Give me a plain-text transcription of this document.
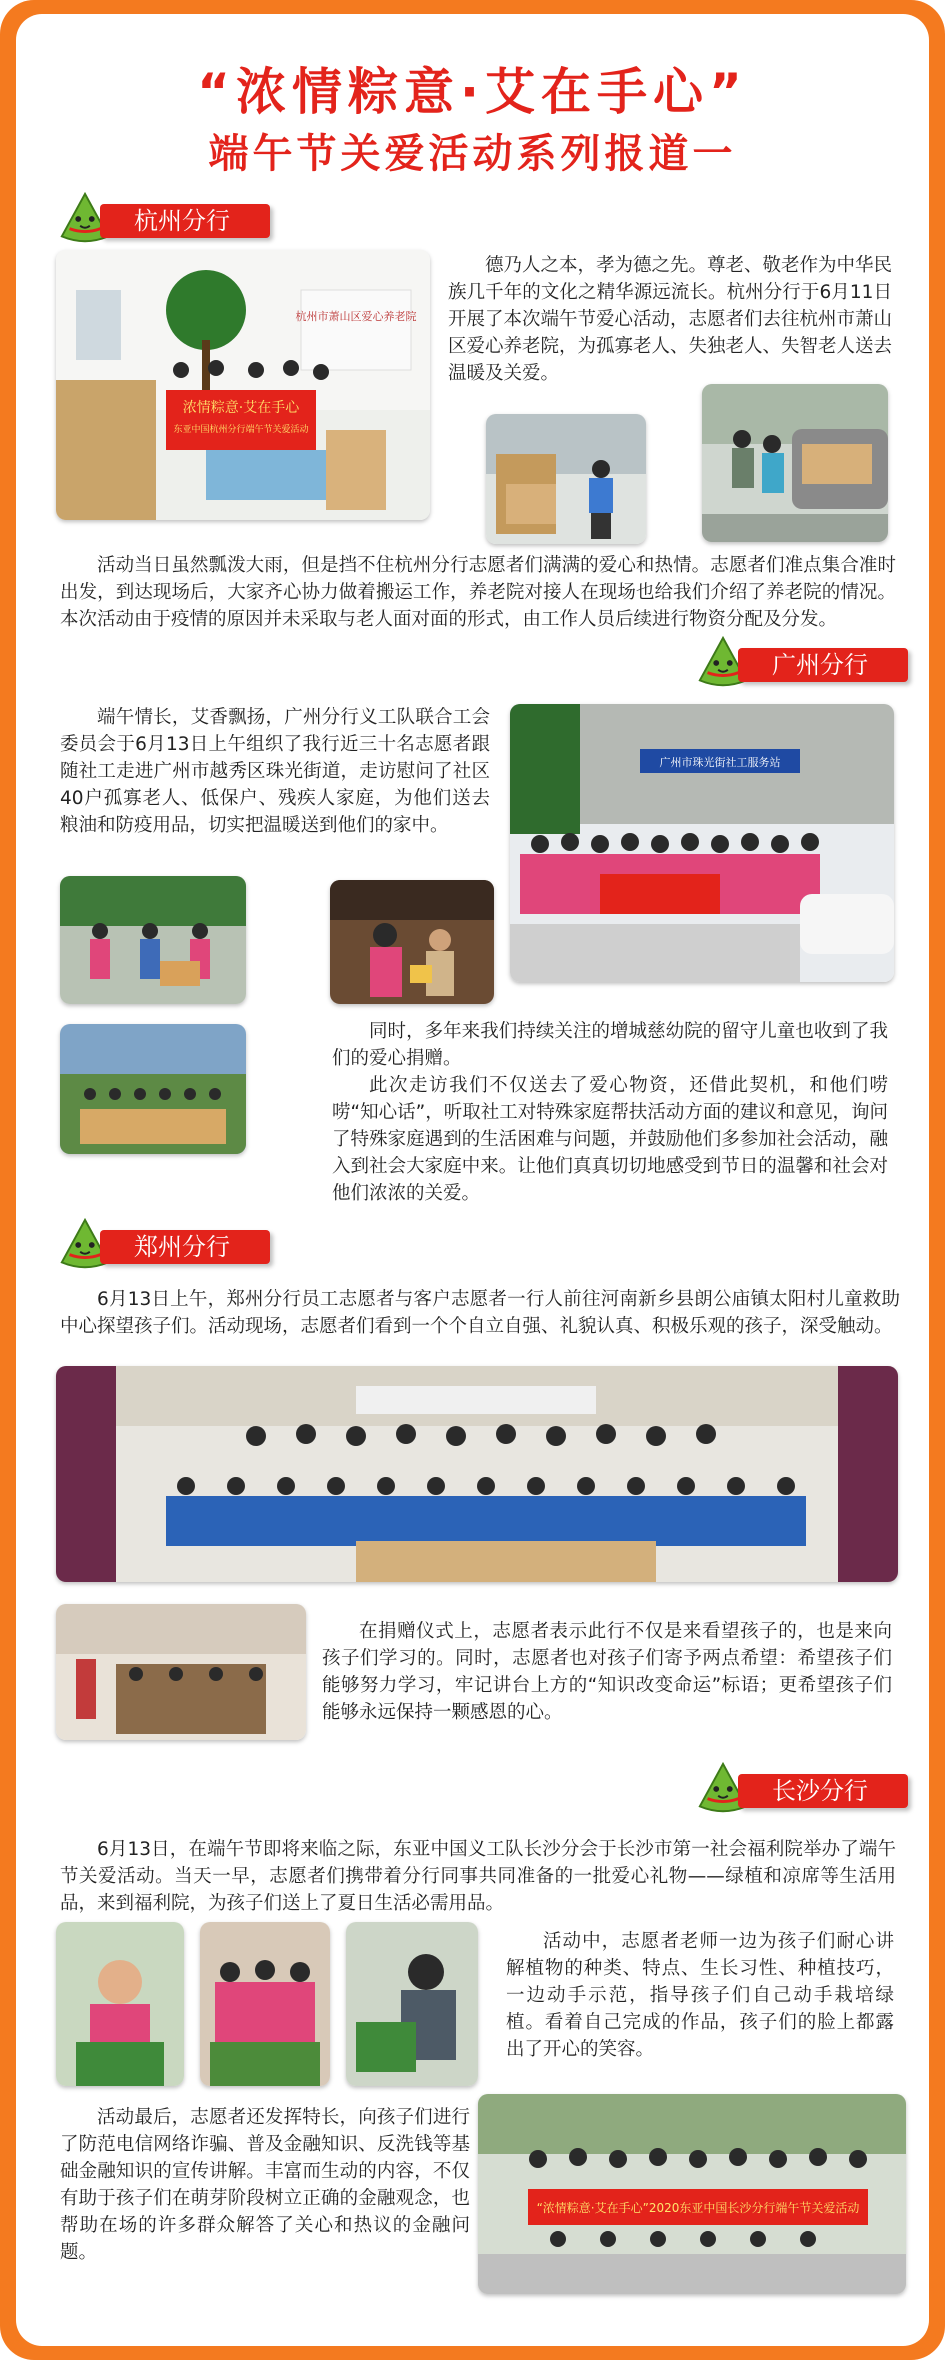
“浓情粽意·艾在手心”
端午节关爱活动系列报道一
杭州分行
杭州市萧山区爱心养老院
浓情粽意·艾在手心
东亚中国杭州分行端午节关爱活动

德乃人之本，孝为德之先。尊老、敬老作为中华民族几千年的文化之精华源远流长。杭州分行于6月11日开展了本次端午节爱心活动，志愿者们去往杭州市萧山区爱心养老院，为孤寡老人、失独老人、失智老人送去温暖及关爱。

活动当日虽然瓢泼大雨，但是挡不住杭州分行志愿者们满满的爱心和热情。志愿者们准点集合准时出发，到达现场后，大家齐心协力做着搬运工作，养老院对接人在现场也给我们介绍了养老院的情况。本次活动由于疫情的原因并未采取与老人面对面的形式，由工作人员后续进行物资分配及分发。

广州分行

端午情长，艾香飘扬，广州分行义工队联合工会委员会于6月13日上午组织了我行近三十名志愿者跟随社工走进广州市越秀区珠光街道，走访慰问了社区40户孤寡老人、低保户、残疾人家庭，为他们送去粮油和防疫用品，切实把温暖送到他们的家中。

广州市珠光街社工服务站

同时，多年来我们持续关注的增城慈幼院的留守儿童也收到了我们的爱心捐赠。

此次走访我们不仅送去了爱心物资，还借此契机，和他们唠唠“知心话”，听取社工对特殊家庭帮扶活动方面的建议和意见，询问了特殊家庭遇到的生活困难与问题，并鼓励他们多参加社会活动，融入到社会大家庭中来。让他们真真切切地感受到节日的温馨和社会对他们浓浓的关爱。

郑州分行

6月13日上午，郑州分行员工志愿者与客户志愿者一行人前往河南新乡县朗公庙镇太阳村儿童救助中心探望孩子们。活动现场，志愿者们看到一个个自立自强、礼貌认真、积极乐观的孩子，深受触动。

在捐赠仪式上，志愿者表示此行不仅是来看望孩子的，也是来向孩子们学习的。同时，志愿者也对孩子们寄予两点希望：希望孩子们能够努力学习，牢记讲台上方的“知识改变命运”标语；更希望孩子们能够永远保持一颗感恩的心。

长沙分行

6月13日，在端午节即将来临之际，东亚中国义工队长沙分会于长沙市第一社会福利院举办了端午节关爱活动。当天一早，志愿者们携带着分行同事共同准备的一批爱心礼物——绿植和凉席等生活用品，来到福利院，为孩子们送上了夏日生活必需用品。

活动中，志愿者老师一边为孩子们耐心讲解植物的种类、特点、生长习性、种植技巧，一边动手示范，指导孩子们自己动手栽培绿植。看着自己完成的作品，孩子们的脸上都露出了开心的笑容。

活动最后，志愿者还发挥特长，向孩子们进行了防范电信网络诈骗、普及金融知识、反洗钱等基础金融知识的宣传讲解。丰富而生动的内容，不仅有助于孩子们在萌芽阶段树立正确的金融观念，也帮助在场的许多群众解答了关心和热议的金融问题。

“浓情粽意·艾在手心”2020东亚中国长沙分行端午节关爱活动
